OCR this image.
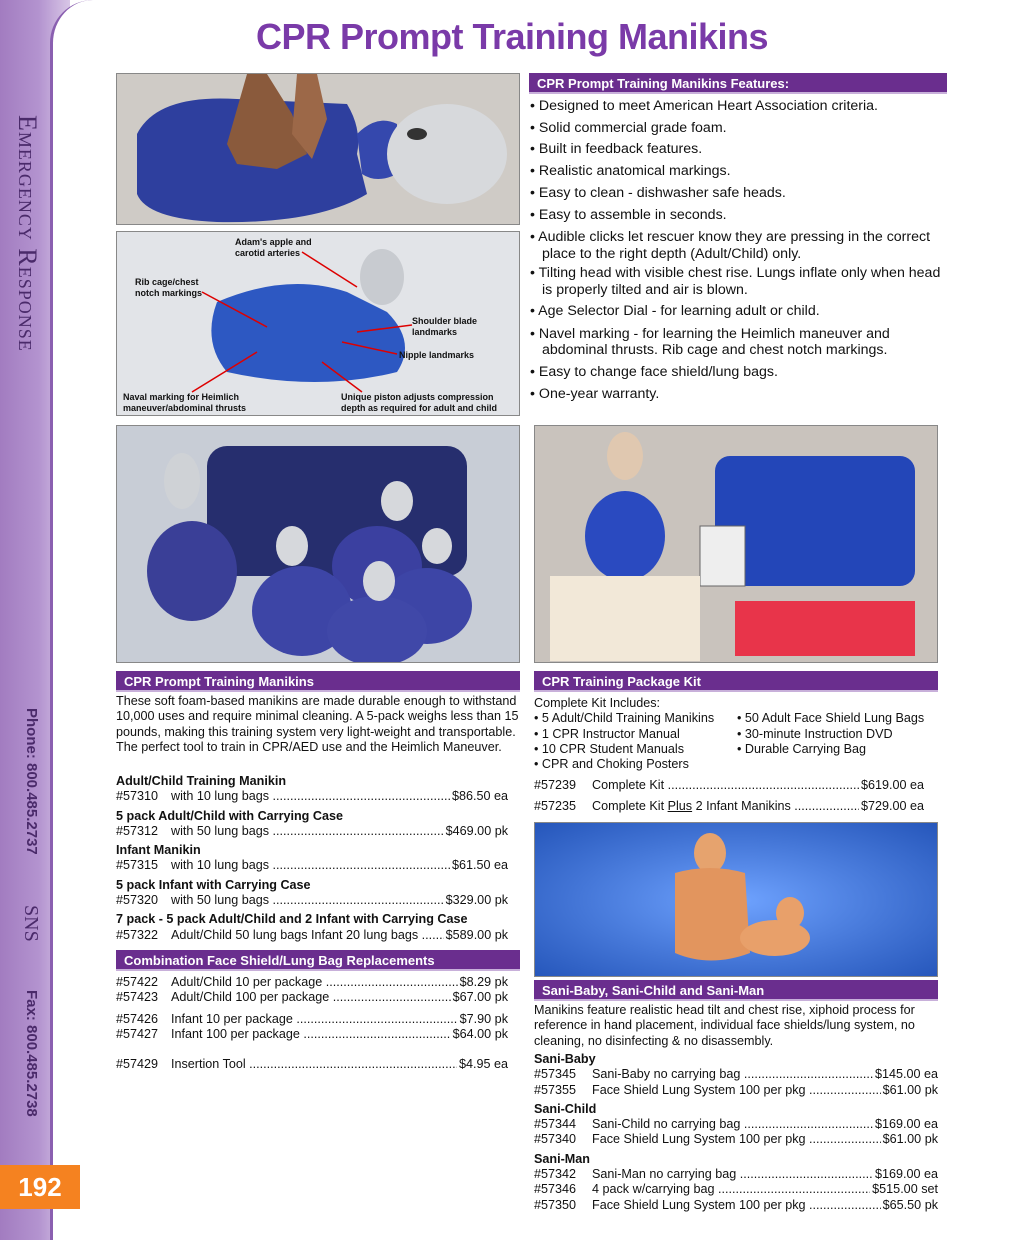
Emergency Response
Phone: 800.485.2737
SNS
Fax: 800.485.2738
192
CPR Prompt Training Manikins
Adam's apple and carotid arteries
Rib cage/chest notch markings
Shoulder blade landmarks
Nipple landmarks
Naval marking for Heimlich maneuver/abdominal thrusts
Unique piston adjusts compression depth as required for adult and child
CPR Prompt Training Manikins Features:
• Designed to meet American Heart Association criteria.
• Solid commercial grade foam.
• Built in feedback features.
• Realistic anatomical markings.
• Easy to clean - dishwasher safe heads.
• Easy to assemble in seconds.
• Audible clicks let rescuer know they are pressing in the correct place to the right depth (Adult/Child) only.
• Tilting head with visible chest rise. Lungs inflate only when head is properly tilted and air is blown.
• Age Selector Dial - for learning adult or child.
• Navel marking - for learning the Heimlich maneuver and abdominal thrusts. Rib cage and chest notch markings.
• Easy to change face shield/lung bags.
• One-year warranty.
CPR Prompt Training Manikins
These soft foam-based manikins are made durable enough to withstand 10,000 uses and require minimal cleaning. A 5-pack weighs less than 15 pounds, making this training system very light-weight and transportable. The perfect tool to train in CPR/AED use and the Heimlich Maneuver.
Adult/Child Training Manikin
#57310	with 10 lung bags .....	$86.50 ea
5 pack Adult/Child with Carrying Case
#57312	with 50 lung bags .....	$469.00 pk
Infant Manikin
#57315	with 10 lung bags .....	$61.50 ea
5 pack Infant with Carrying Case
#57320	with 50 lung bags .....	$329.00 pk
7 pack - 5 pack Adult/Child and 2 Infant with Carrying Case
#57322	Adult/Child 50 lung bags Infant 20 lung bags .....	$589.00 pk
Combination Face Shield/Lung Bag Replacements
#57422	Adult/Child 10 per package .....	$8.29 pk
#57423	Adult/Child 100 per package .....	$67.00 pk
#57426	Infant 10 per package .....	$7.90 pk
#57427	Infant 100 per package .....	$64.00 pk
#57429	Insertion Tool .....	$4.95 ea
CPR Training Package Kit
Complete Kit Includes:
• 5 Adult/Child Training Manikins
• 1 CPR Instructor Manual
• 10 CPR Student Manuals
• CPR and Choking Posters
• 50 Adult Face Shield Lung Bags
• 30-minute Instruction DVD
• Durable Carrying Bag
#57239	Complete Kit .....	$619.00 ea
#57235	Complete Kit Plus 2 Infant Manikins .....	$729.00 ea
Sani-Baby, Sani-Child and Sani-Man
Manikins feature realistic head tilt and chest rise, xiphoid process for reference in hand placement, individual face shields/lung system, no cleaning, no disinfecting & no disassembly.
Sani-Baby
#57345	Sani-Baby no carrying bag .....	$145.00 ea
#57355	Face Shield Lung System 100 per pkg .....	$61.00 pk
Sani-Child
#57344	Sani-Child no carrying bag .....	$169.00 ea
#57340	Face Shield Lung System 100 per pkg .....	$61.00 pk
Sani-Man
#57342	Sani-Man no carrying bag .....	$169.00 ea
#57346	4 pack w/carrying bag .....	$515.00 set
#57350	Face Shield Lung System 100 per pkg .....	$65.50 pk
